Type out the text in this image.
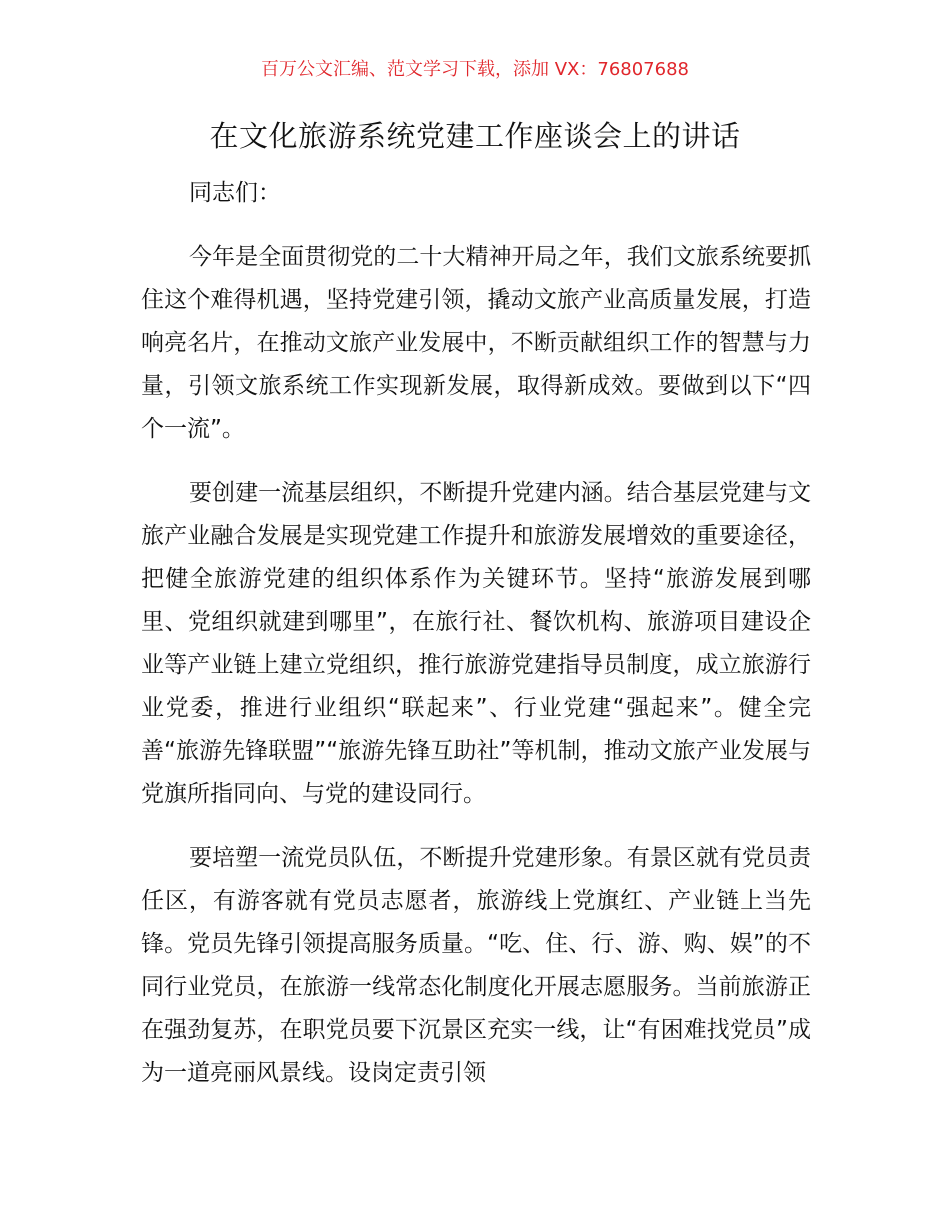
百万公文汇编、范文学习下载，添加 VX：76807688
在文化旅游系统党建工作座谈会上的讲话

同志们：

今年是全面贯彻党的二十大精神开局之年，我们文旅系统要抓住这个难得机遇，坚持党建引领，撬动文旅产业高质量发展，打造响亮名片，在推动文旅产业发展中，不断贡献组织工作的智慧与力量，引领文旅系统工作实现新发展，取得新成效。要做到以下“四个一流”。

要创建一流基层组织，不断提升党建内涵。结合基层党建与文旅产业融合发展是实现党建工作提升和旅游发展增效的重要途径，把健全旅游党建的组织体系作为关键环节。坚持“旅游发展到哪里、党组织就建到哪里”，在旅行社、餐饮机构、旅游项目建设企业等产业链上建立党组织，推行旅游党建指导员制度，成立旅游行业党委，推进行业组织“联起来”、行业党建“强起来”。健全完善“旅游先锋联盟”“旅游先锋互助社”等机制，推动文旅产业发展与党旗所指同向、与党的建设同行。

要培塑一流党员队伍，不断提升党建形象。有景区就有党员责任区，有游客就有党员志愿者，旅游线上党旗红、产业链上当先锋。党员先锋引领提高服务质量。“吃、住、行、游、购、娱”的不同行业党员，在旅游一线常态化制度化开展志愿服务。当前旅游正在强劲复苏，在职党员要下沉景区充实一线，让“有困难找党员”成为一道亮丽风景线。设岗定责引领
